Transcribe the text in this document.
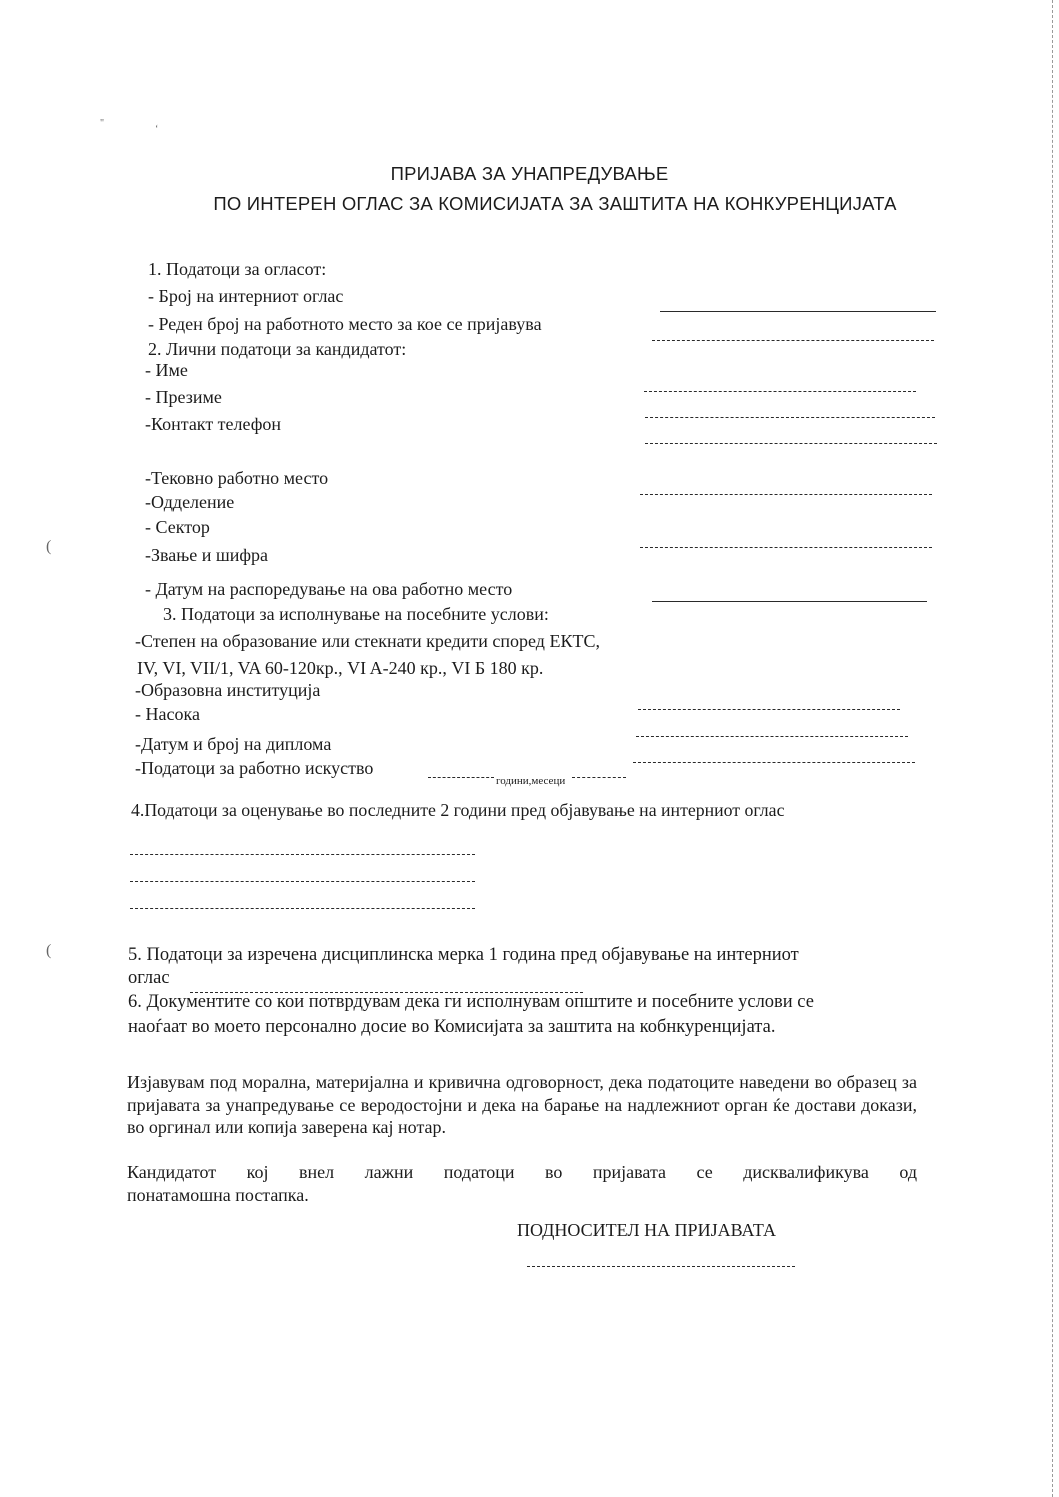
"
‘
(
(
ПРИЈАВА ЗА УНАПРЕДУВАЊЕ
ПО ИНТЕРЕН ОГЛАС ЗА КОМИСИЈАТА ЗА ЗАШТИТА НА КОНКУРЕНЦИЈАТА
1. Податоци за огласот:
- Број на интерниот оглас
- Реден број на работното место за кое се пријавува
2. Лични податоци за кандидатот:
- Име
- Презиме
-Контакт телефон
-Тековно работно место
-Одделение
- Сектор
-Звање и шифра
- Датум на распоредување на ова работно место
3. Податоци за исполнување на посебните услови:
-Степен на образование или стекнати кредити според ЕКТС,
IV, VI, VII/1, VA 60-120кр., VI A-240 кр., VI Б 180 кр.
-Образовна институција
- Насока
-Датум и број на диплома
-Податоци за работно искуство
години,месеци
4.Податоци за оценување во последните 2 години пред објавување на интерниот оглас
5. Податоци за изречена дисциплинска мерка 1 година пред објавување на интерниот
оглас
6. Документите со кои потврдувам дека ги исполнувам општите и посебните услови се
наоѓаат во моето персонално досие во Комисијата за заштита на кобнкуренцијата.
Изјавувам под морална, материјална и кривична одговорност, дека податоците наведени во образец за пријавата за унапредување се веродостојни и дека на барање на надлежниот орган ќе достави докази, во оргинал или копија заверена кај нотар.
Кандидатот кој внел лажни податоци во пријавата се дисквалификува од
понатамошна постапка.
ПОДНОСИТЕЛ НА ПРИЈАВАТА
